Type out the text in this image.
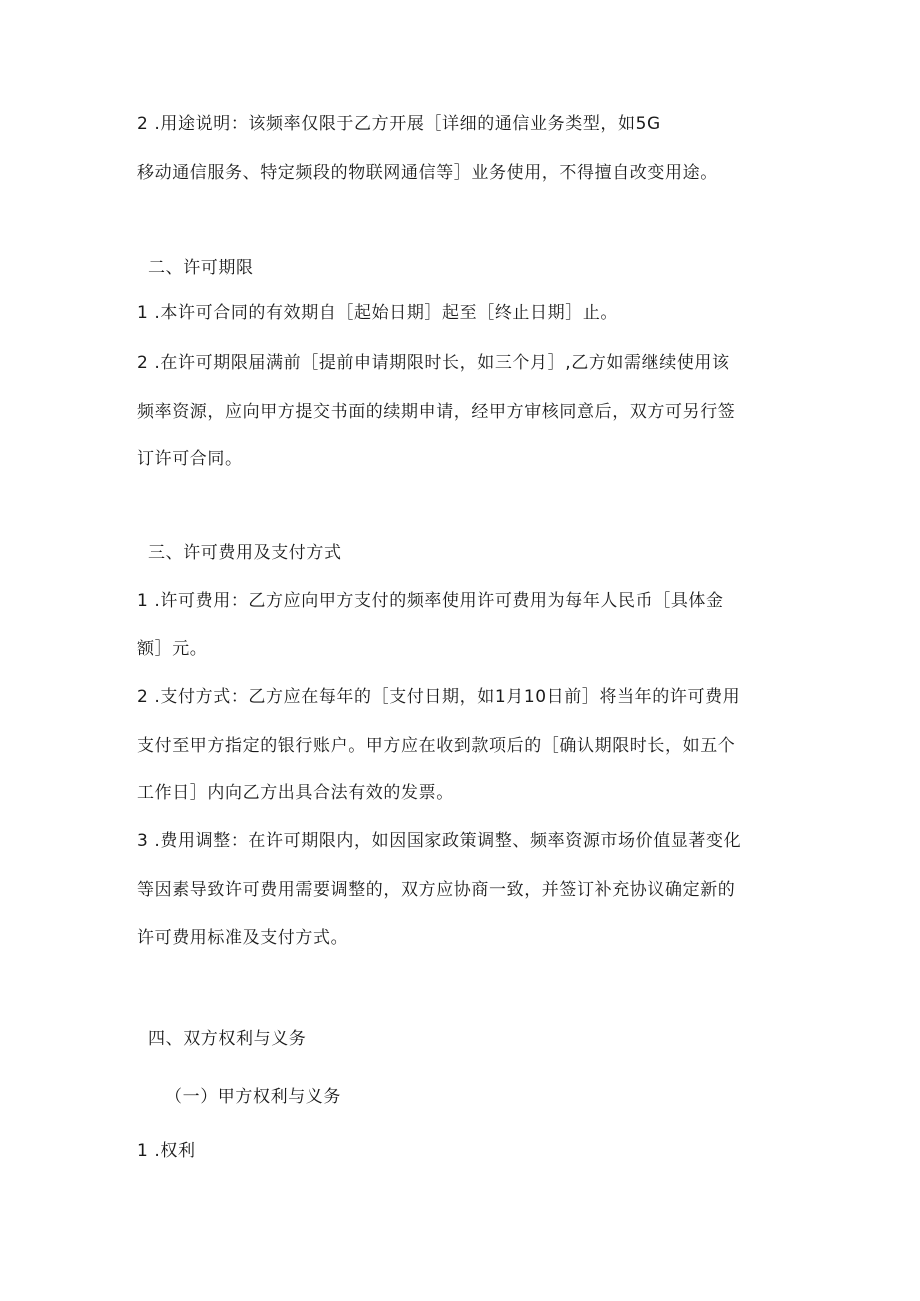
2 .用途说明：该频率仅限于乙方开展［详细的通信业务类型，如5G
移动通信服务、特定频段的物联网通信等］业务使用，不得擅自改变用途。
二、许可期限
1 .本许可合同的有效期自［起始日期］起至［终止日期］止。
2 .在许可期限届满前［提前申请期限时长，如三个月］,乙方如需继续使用该
频率资源，应向甲方提交书面的续期申请，经甲方审核同意后，双方可另行签
订许可合同。
三、许可费用及支付方式
1 .许可费用：乙方应向甲方支付的频率使用许可费用为每年人民币［具体金
额］元。
2 .支付方式：乙方应在每年的［支付日期，如1月10日前］将当年的许可费用
支付至甲方指定的银行账户。甲方应在收到款项后的［确认期限时长，如五个
工作日］内向乙方出具合法有效的发票。
3 .费用调整：在许可期限内，如因国家政策调整、频率资源市场价值显著变化
等因素导致许可费用需要调整的，双方应协商一致，并签订补充协议确定新的
许可费用标准及支付方式。
四、双方权利与义务
（一）甲方权利与义务
1 .权利
